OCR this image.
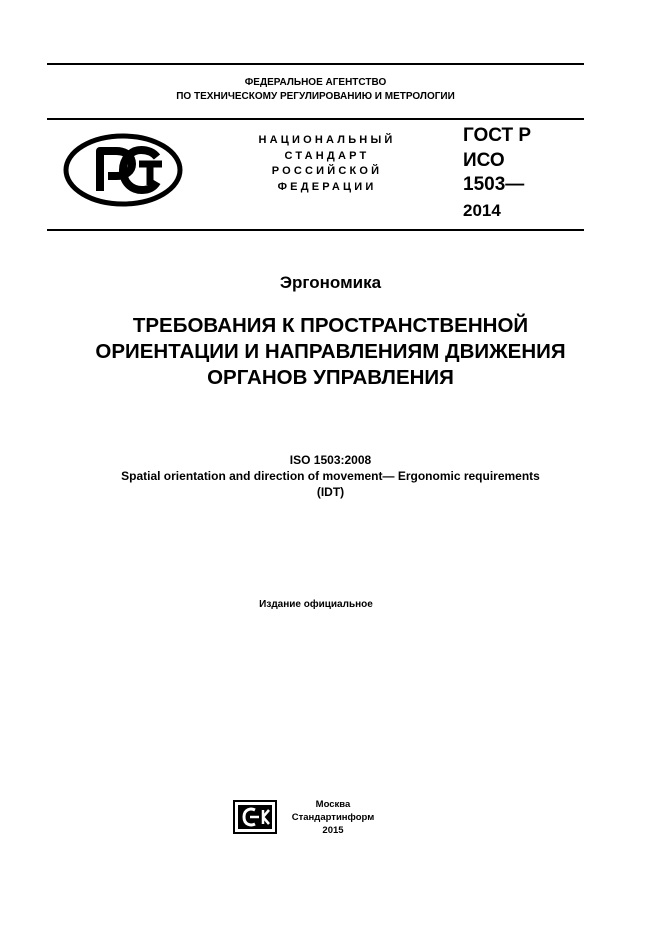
ФЕДЕРАЛЬНОЕ АГЕНТСТВО
ПО ТЕХНИЧЕСКОМУ РЕГУЛИРОВАНИЮ И МЕТРОЛОГИИ
НАЦИОНАЛЬНЫЙ
СТАНДАРТ
РОССИЙСКОЙ
ФЕДЕРАЦИИ
ГОСТ Р
ИСО
1503—
2014
Эргономика
ТРЕБОВАНИЯ К ПРОСТРАНСТВЕННОЙ
ОРИЕНТАЦИИ И НАПРАВЛЕНИЯМ ДВИЖЕНИЯ
ОРГАНОВ УПРАВЛЕНИЯ
ISO 1503:2008
Spatial orientation and direction of movement— Ergonomic requirements
(IDT)
Издание официальное
Москва
Стандартинформ
2015
